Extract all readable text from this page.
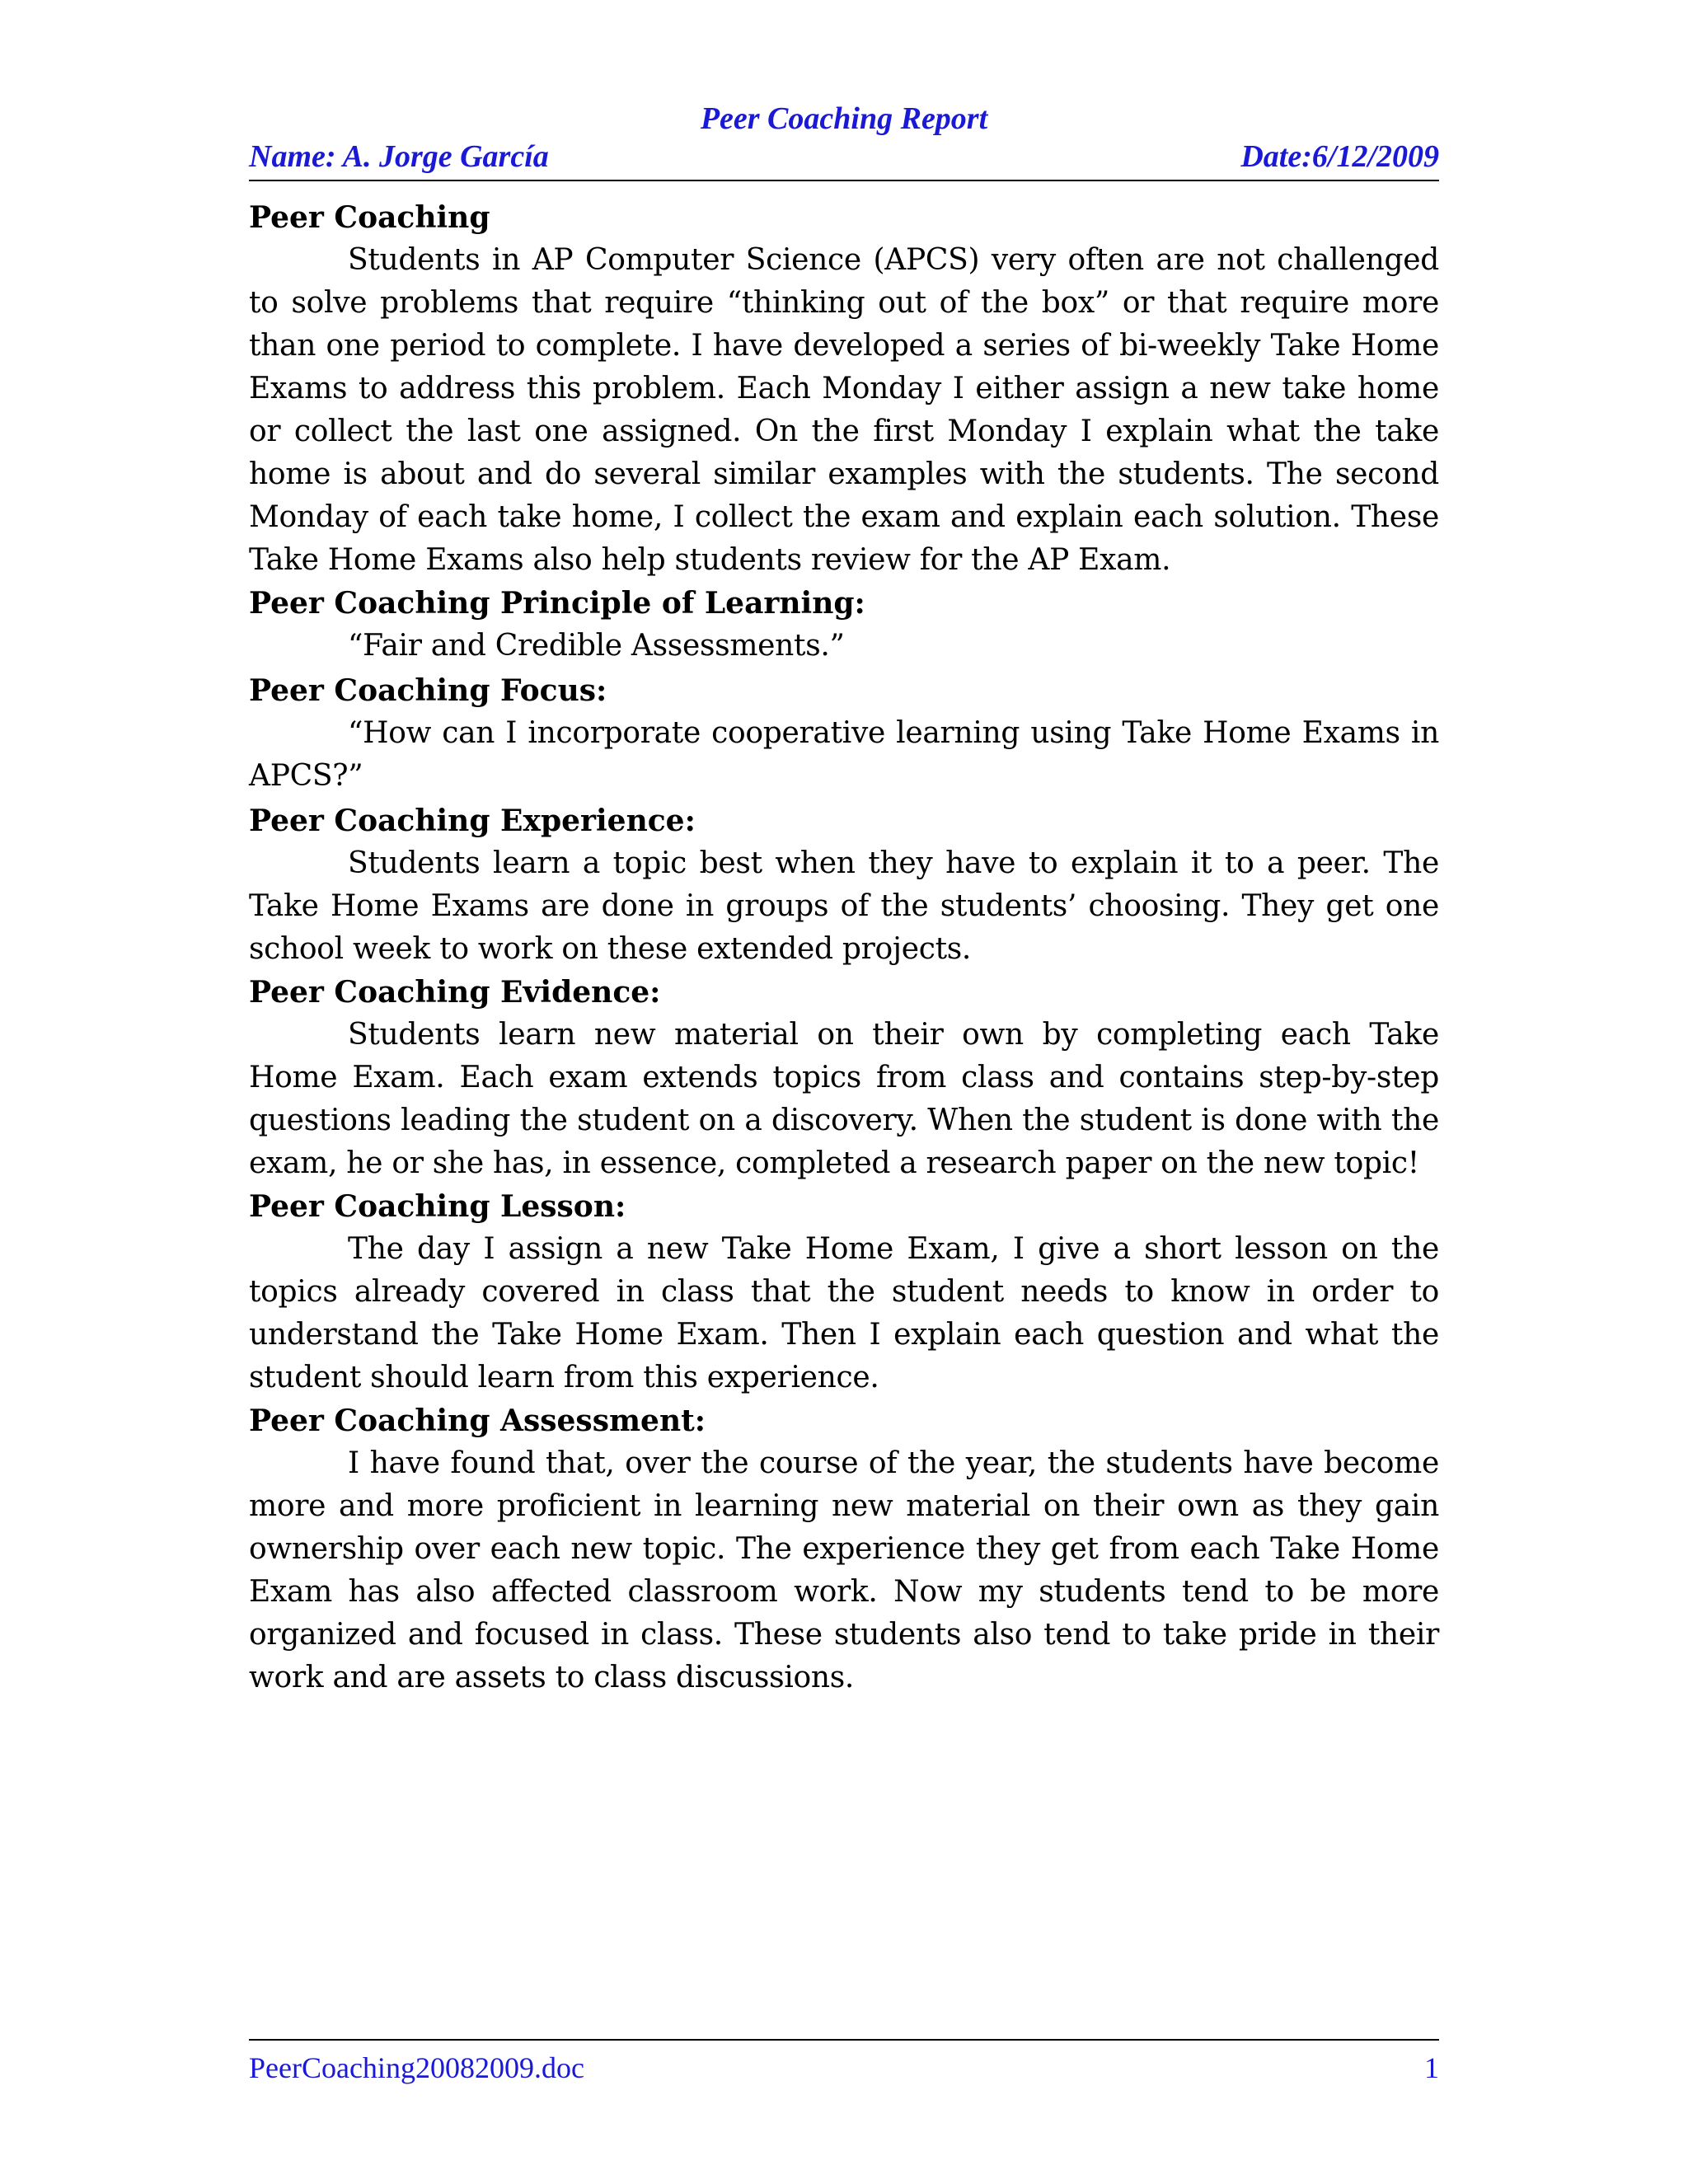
Peer Coaching Report
Name: A. Jorge García	Date:6/12/2009

Peer Coaching

Students in AP Computer Science (APCS) very often are not challenged to solve problems that require “thinking out of the box” or that require more than one period to complete. I have developed a series of bi-weekly Take Home Exams to address this problem. Each Monday I either assign a new take home or collect the last one assigned. On the first Monday I explain what the take home is about and do several similar examples with the students. The second Monday of each take home, I collect the exam and explain each solution. These Take Home Exams also help students review for the AP Exam.

Peer Coaching Principle of Learning:

“Fair and Credible Assessments.”

Peer Coaching Focus:

“How can I incorporate cooperative learning using Take Home Exams in APCS?”

Peer Coaching Experience:

Students learn a topic best when they have to explain it to a peer. The Take Home Exams are done in groups of the students’ choosing. They get one school week to work on these extended projects.

Peer Coaching Evidence:

Students learn new material on their own by completing each Take Home Exam. Each exam extends topics from class and contains step-by-step questions leading the student on a discovery. When the student is done with the exam, he or she has, in essence, completed a research paper on the new topic!

Peer Coaching Lesson:

The day I assign a new Take Home Exam, I give a short lesson on the topics already covered in class that the student needs to know in order to understand the Take Home Exam. Then I explain each question and what the student should learn from this experience.

Peer Coaching Assessment:

I have found that, over the course of the year, the students have become more and more proficient in learning new material on their own as they gain ownership over each new topic. The experience they get from each Take Home Exam has also affected classroom work. Now my students tend to be more organized and focused in class. These students also tend to take pride in their work and are assets to class discussions.

PeerCoaching20082009.doc	1
